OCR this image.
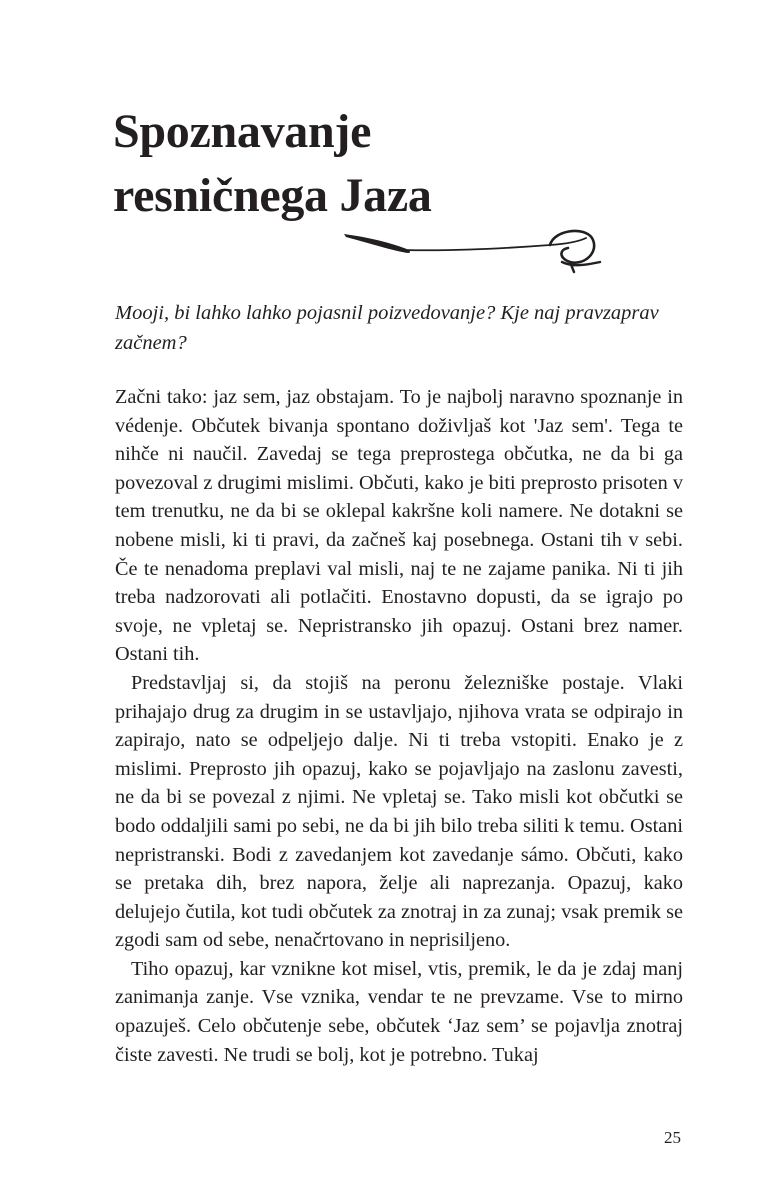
Spoznavanje
resničnega Jaza

Mooji, bi lahko lahko pojasnil poizvedovanje? Kje naj pravzaprav začnem?

Začni tako: jaz sem, jaz obstajam. To je najbolj naravno spoznanje in védenje. Občutek bivanja spontano doživljaš kot 'Jaz sem'. Tega te nihče ni naučil. Zavedaj se tega preprostega občutka, ne da bi ga povezoval z drugimi mislimi. Občuti, kako je biti preprosto prisoten v tem trenutku, ne da bi se oklepal kakršne koli namere. Ne dotakni se nobene misli, ki ti pravi, da začneš kaj posebnega. Ostani tih v sebi. Če te nenadoma preplavi val misli, naj te ne zajame panika. Ni ti jih treba nadzorovati ali potlačiti. Enostavno dopusti, da se igrajo po svoje, ne vpletaj se. Nepristransko jih opazuj. Ostani brez namer. Ostani tih.

Predstavljaj si, da stojiš na peronu železniške postaje. Vlaki prihajajo drug za drugim in se ustavljajo, njihova vrata se odpirajo in zapirajo, nato se odpeljejo dalje. Ni ti treba vstopiti. Enako je z mislimi. Preprosto jih opazuj, kako se pojavljajo na zaslonu zavesti, ne da bi se povezal z njimi. Ne vpletaj se. Tako misli kot občutki se bodo oddaljili sami po sebi, ne da bi jih bilo treba siliti k temu. Ostani nepristranski. Bodi z zavedanjem kot zavedanje sámo. Občuti, kako se pretaka dih, brez napora, želje ali naprezanja. Opazuj, kako delujejo čutila, kot tudi občutek za znotraj in za zunaj; vsak premik se zgodi sam od sebe, nenačrtovano in neprisiljeno.

Tiho opazuj, kar vznikne kot misel, vtis, premik, le da je zdaj manj zanimanja zanje. Vse vznika, vendar te ne prevzame. Vse to mirno opazuješ. Celo občutenje sebe, občutek ‘Jaz sem’ se pojavlja znotraj čiste zavesti. Ne trudi se bolj, kot je potrebno. Tukaj

25
